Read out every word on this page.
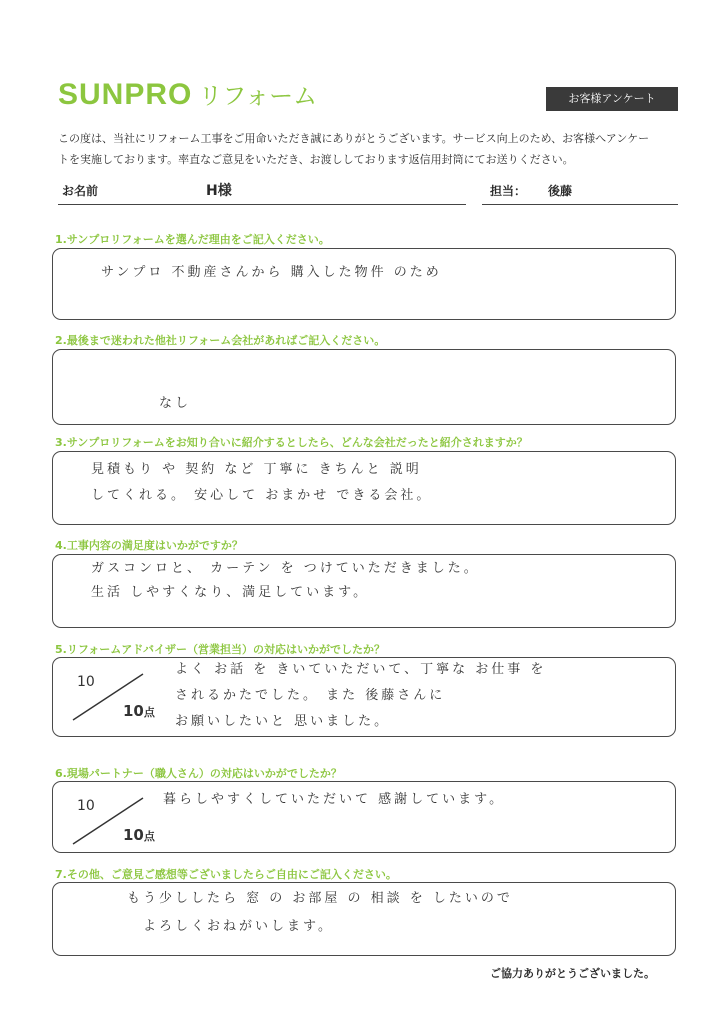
SUNPRO リフォーム	お客様アンケート
この度は、当社にリフォーム工事をご用命いただき誠にありがとうございます。サービス向上のため、お客様へアンケー
トを実施しております。率直なご意見をいただき、お渡ししております返信用封筒にてお送りください。
お名前	H様	担当： 後藤
1.サンプロリフォームを選んだ理由をご記入ください。
サンプロ 不動産さんから 購入した物件 のため
2.最後まで迷われた他社リフォーム会社があればご記入ください。
なし
3.サンプロリフォームをお知り合いに紹介するとしたら、どんな会社だったと紹介されますか？
見積もり や 契約 など 丁寧に きちんと 説明
してくれる。 安心して おまかせ できる会社。
4.工事内容の満足度はいかがですか？
ガスコンロと、 カーテン を つけていただきました。
生活 しやすくなり、満足しています。
5.リフォームアドバイザー（営業担当）の対応はいかがでしたか？
10
10点
よく お話 を きいていただいて、丁寧な お仕事 を
されるかたでした。 また 後藤さんに
お願いしたいと 思いました。
6.現場パートナー（職人さん）の対応はいかがでしたか？
10
10点
暮らしやすくしていただいて 感謝しています。
7.その他、ご意見ご感想等ございましたらご自由にご記入ください。
もう少ししたら 窓 の お部屋 の 相談 を したいので
よろしくおねがいします。
ご協力ありがとうございました。
